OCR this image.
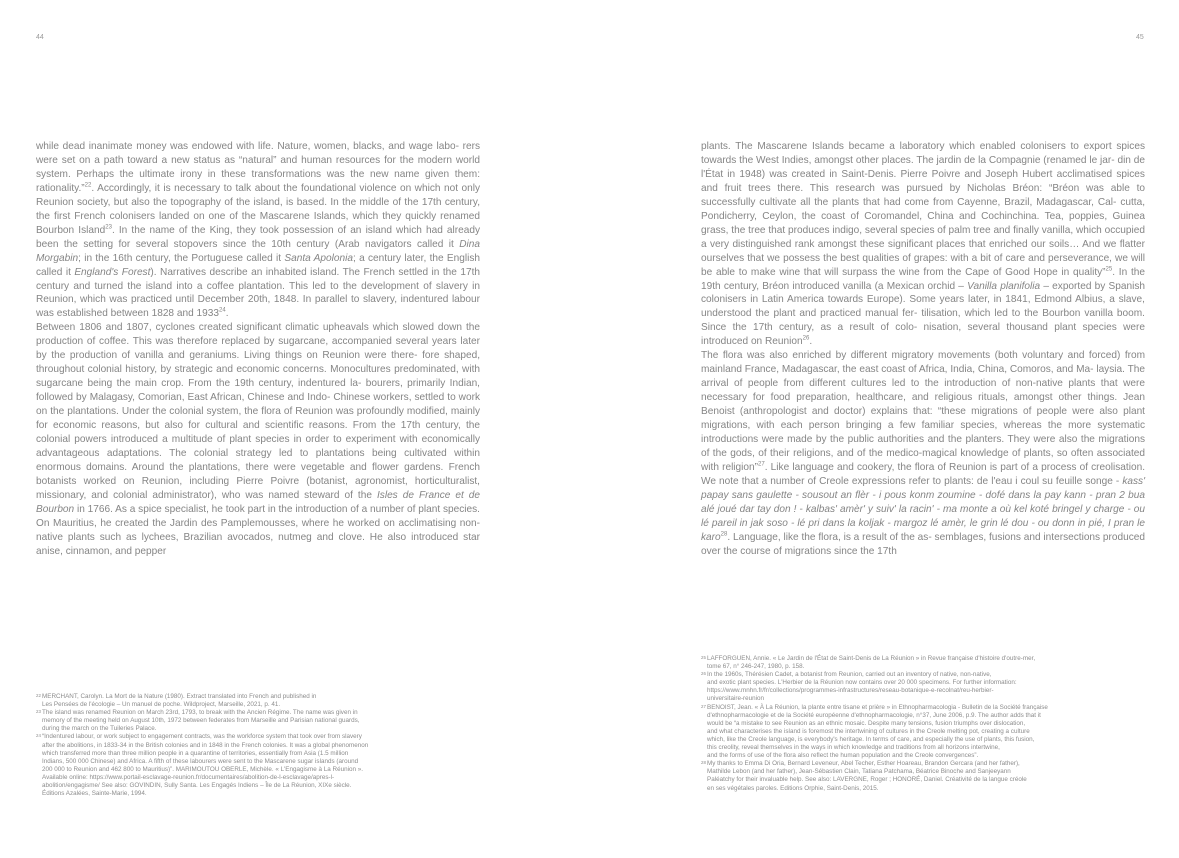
44	45

while dead inanimate money was endowed with life. Nature, women, blacks, and wage labo- rers were set on a path toward a new status as “natural” and human resources for the modern world system. Perhaps the ultimate irony in these transformations was the new name given them: rationality.”$^{22}$. Accordingly, it is necessary to talk about the foundational violence on which not only Reunion society, but also the topography of the island, is based. In the middle of the 17th century, the first French colonisers landed on one of the Mascarene Islands, which they quickly renamed Bourbon Island$^{23}$. In the name of the King, they took possession of an island which had already been the setting for several stopovers since the 10th century (Arab navigators called it Dina Morgabin; in the 16th century, the Portuguese called it Santa Apolonia; a century later, the English called it England's Forest). Narratives describe an inhabited island. The French settled in the 17th century and turned the island into a coffee plantation. This led to the development of slavery in Reunion, which was practiced until December 20th, 1848. In parallel to slavery, indentured labour was established between 1828 and 1933$^{24}$.

Between 1806 and 1807, cyclones created significant climatic upheavals which slowed down the production of coffee. This was therefore replaced by sugarcane, accompanied several years later by the production of vanilla and geraniums. Living things on Reunion were there- fore shaped, throughout colonial history, by strategic and economic concerns. Monocultures predominated, with sugarcane being the main crop. From the 19th century, indentured la- bourers, primarily Indian, followed by Malagasy, Comorian, East African, Chinese and Indo- Chinese workers, settled to work on the plantations. Under the colonial system, the flora of Reunion was profoundly modified, mainly for economic reasons, but also for cultural and scientific reasons. From the 17th century, the colonial powers introduced a multitude of plant species in order to experiment with economically advantageous adaptations. The colonial strategy led to plantations being cultivated within enormous domains. Around the plantations, there were vegetable and flower gardens. French botanists worked on Reunion, including Pierre Poivre (botanist, agronomist, horticulturalist, missionary, and colonial administrator), who was named steward of the Isles de France et de Bourbon in 1766. As a spice specialist, he took part in the introduction of a number of plant species. On Mauritius, he created the Jardin des Pamplemousses, where he worked on acclimatising non-native plants such as lychees, Brazilian avocados, nutmeg and clove. He also introduced star anise, cinnamon, and pepper

plants. The Mascarene Islands became a laboratory which enabled colonisers to export spices towards the West Indies, amongst other places. The jardin de la Compagnie (renamed le jar- din de l'État in 1948) was created in Saint-Denis. Pierre Poivre and Joseph Hubert acclimatised spices and fruit trees there. This research was pursued by Nicholas Bréon: “Bréon was able to successfully cultivate all the plants that had come from Cayenne, Brazil, Madagascar, Cal- cutta, Pondicherry, Ceylon, the coast of Coromandel, China and Cochinchina. Tea, poppies, Guinea grass, the tree that produces indigo, several species of palm tree and finally vanilla, which occupied a very distinguished rank amongst these significant places that enriched our soils… And we flatter ourselves that we possess the best qualities of grapes: with a bit of care and perseverance, we will be able to make wine that will surpass the wine from the Cape of Good Hope in quality”$^{25}$. In the 19th century, Bréon introduced vanilla (a Mexican orchid – Vanilla planifolia – exported by Spanish colonisers in Latin America towards Europe). Some years later, in 1841, Edmond Albius, a slave, understood the plant and practiced manual fer- tilisation, which led to the Bourbon vanilla boom. Since the 17th century, as a result of colo- nisation, several thousand plant species were introduced on Reunion$^{26}$.

The flora was also enriched by different migratory movements (both voluntary and forced) from mainland France, Madagascar, the east coast of Africa, India, China, Comoros, and Ma- laysia. The arrival of people from different cultures led to the introduction of non-native plants that were necessary for food preparation, healthcare, and religious rituals, amongst other things. Jean Benoist (anthropologist and doctor) explains that: “these migrations of people were also plant migrations, with each person bringing a few familiar species, whereas the more systematic introductions were made by the public authorities and the planters. They were also the migrations of the gods, of their religions, and of the medico-magical knowledge of plants, so often associated with religion”$^{27}$. Like language and cookery, the flora of Reunion is part of a process of creolisation. We note that a number of Creole expressions refer to plants: de l'eau i coul su feuille songe - kass' papay sans gaulette - sousout an flèr - i pous konm zoumine - dofé dans la pay kann - pran 2 bua alé joué dar tay don ! - kalbas' amèr' y suiv' la racin' - ma monte a où kel koté bringel y charge - ou lé pareil in jak soso - lé pri dans la koljak - margoz lé amèr, le grin lé dou - ou donn in pié, I pran le karo$^{28}$. Language, like the flora, is a result of the as- semblages, fusions and intersections produced over the course of migrations since the 17th

22 MERCHANT, Carolyn. La Mort de la Nature (1980). Extract translated into French and published in
Les Pensées de l'écologie – Un manuel de poche. Wildproject, Marseille, 2021, p. 41.
23 The island was renamed Reunion on March 23rd, 1793, to break with the Ancien Régime. The name was given in
memory of the meeting held on August 10th, 1972 between federates from Marseille and Parisian national guards,
during the march on the Tuileries Palace.
24 “Indentured labour, or work subject to engagement contracts, was the workforce system that took over from slavery
after the abolitions, in 1833-34 in the British colonies and in 1848 in the French colonies. It was a global phenomenon
which transferred more than three million people in a quarantine of territories, essentially from Asia (1.5 million
Indians, 500 000 Chinese) and Africa. A fifth of these labourers were sent to the Mascarene sugar islands (around
200 000 to Reunion and 462 800 to Mauritius)”. MARIMOUTOU OBERLE, Michèle. « L'Engagisme à La Réunion ».
Available online: https://www.portail-esclavage-reunion.fr/documentaires/abolition-de-l-esclavage/apres-l-
abolition/engagisme/ See also: GOVINDIN, Sully Santa. Les Engagés Indiens – Île de La Réunion, XIXe siècle.
Éditions Azalées, Sainte-Marie, 1994.
25 LAFFORGUEN, Annie. « Le Jardin de l'État de Saint-Denis de La Réunion » in Revue française d'histoire d'outre-mer,
tome 67, n° 246-247, 1980, p. 158.
26 In the 1960s, Thérésien Cadet, a botanist from Reunion, carried out an inventory of native, non-native,
and exotic plant species. L'Herbier de la Réunion now contains over 20 000 specimens. For further information:
https://www.mnhn.fr/fr/collections/programmes-infrastructures/reseau-botanique-e-recolnat/reu-herbier-
universitaire-reunion
27 BENOIST, Jean. « À La Réunion, la plante entre tisane et prière » in Ethnopharmacologia - Bulletin de la Société française
d'ethnopharmacologie et de la Société européenne d'ethnopharmacologie, n°37, June 2006, p.9. The author adds that it
would be “a mistake to see Reunion as an ethnic mosaic. Despite many tensions, fusion triumphs over dislocation,
and what characterises the island is foremost the intertwining of cultures in the Creole melting pot, creating a culture
which, like the Creole language, is everybody's heritage. In terms of care, and especially the use of plants, this fusion,
this creolity, reveal themselves in the ways in which knowledge and traditions from all horizons intertwine,
and the forms of use of the flora also reflect the human population and the Creole convergences”.
28 My thanks to Emma Di Oria, Bernard Leveneur, Abel Techer, Esther Hoareau, Brandon Gercara (and her father),
Mathilde Lebon (and her father), Jean-Sébastien Clain, Tatiana Patchama, Béatrice Binoche and Sanjeeyann
Paléatchy for their invaluable help. See also: LAVERGNE, Roger ; HONORÉ, Daniel. Créativité de la langue créole
en ses végétales paroles. Editions Orphie, Saint-Denis, 2015.
